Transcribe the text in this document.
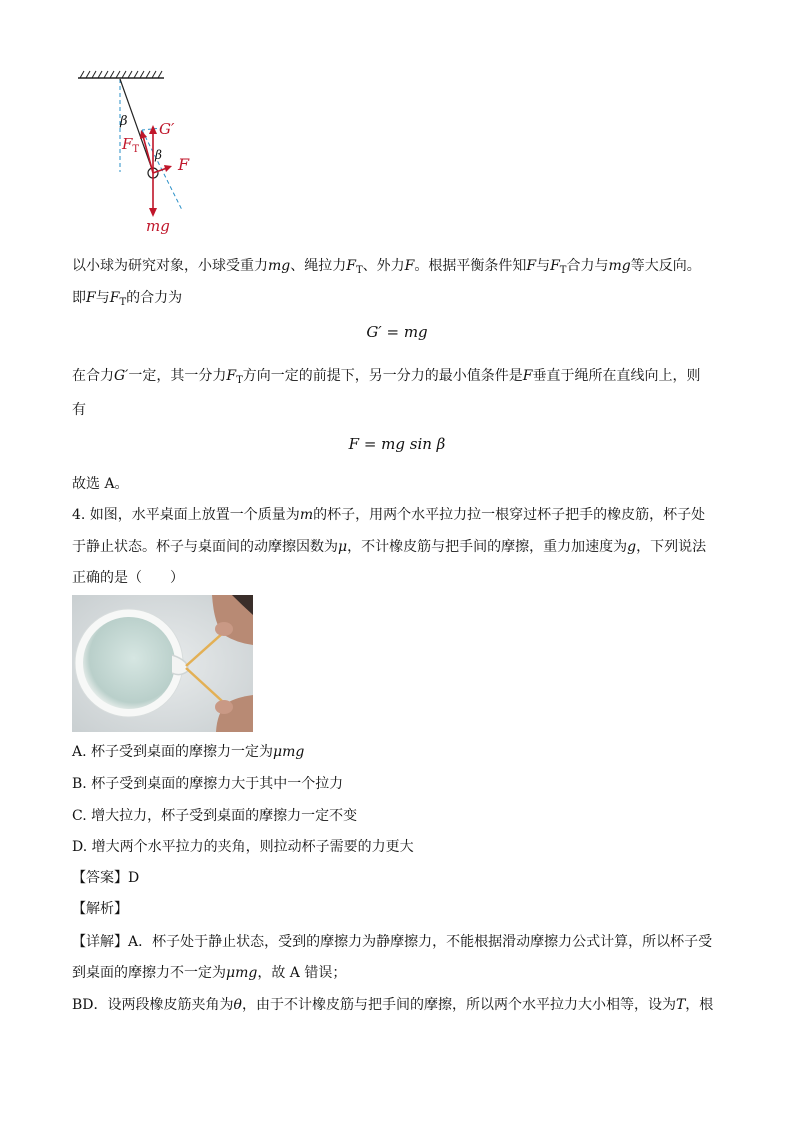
β G′
$F_T$ β F
mg
以小球为研究对象，小球受重力mg、绳拉力$F_T$、外力F。根据平衡条件知F与$F_T$合力与mg等大反向。
即F与$F_T$的合力为
G′ = mg
在合力G′一定，其一分力$F_T$方向一定的前提下，另一分力的最小值条件是F垂直于绳所在直线向上，则
有
F = mg sin β
故选 A。
4. 如图，水平桌面上放置一个质量为m的杯子，用两个水平拉力拉一根穿过杯子把手的橡皮筋，杯子处
于静止状态。杯子与桌面间的动摩擦因数为μ，不计橡皮筋与把手间的摩擦，重力加速度为g，下列说法
正确的是（　　）
A. 杯子受到桌面的摩擦力一定为μmg
B. 杯子受到桌面的摩擦力大于其中一个拉力
C. 增大拉力，杯子受到桌面的摩擦力一定不变
D. 增大两个水平拉力的夹角，则拉动杯子需要的力更大
【答案】D
【解析】
【详解】A．杯子处于静止状态，受到的摩擦力为静摩擦力，不能根据滑动摩擦力公式计算，所以杯子受
到桌面的摩擦力不一定为μmg，故 A 错误；
BD．设两段橡皮筋夹角为θ，由于不计橡皮筋与把手间的摩擦，所以两个水平拉力大小相等，设为T，根
